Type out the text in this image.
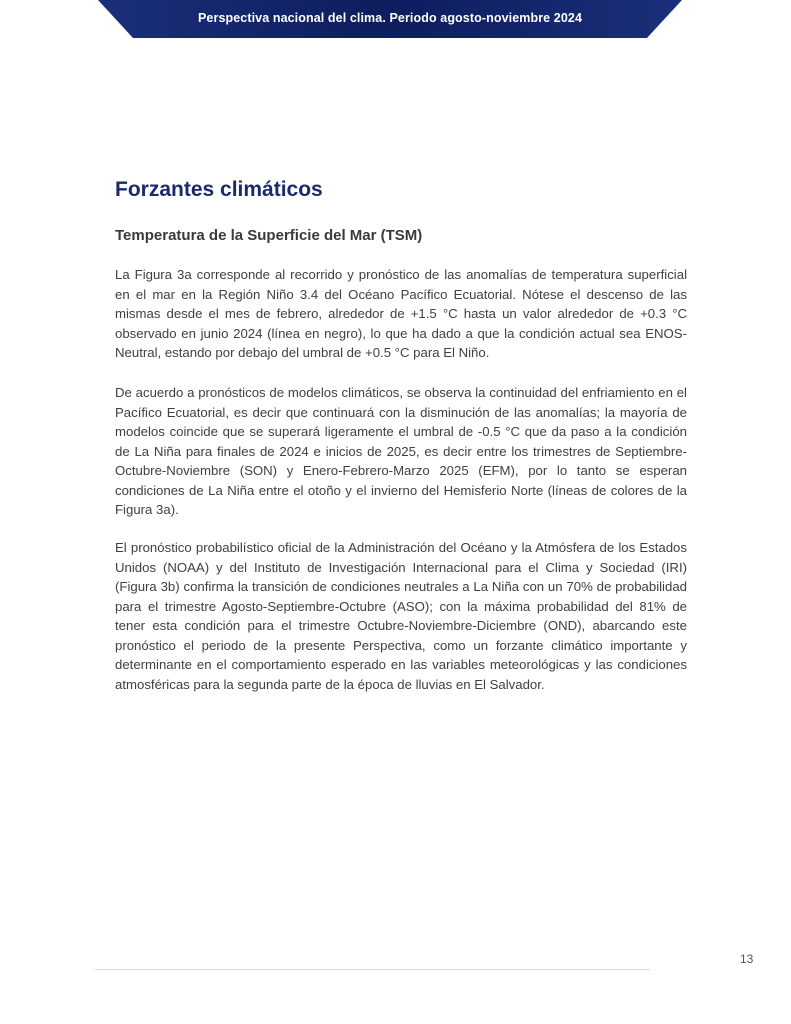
Perspectiva nacional del clima. Periodo agosto-noviembre 2024
Forzantes climáticos
Temperatura de la Superficie del Mar (TSM)

La Figura 3a corresponde al recorrido y pronóstico de las anomalías de temperatura superficial en el mar en la Región Niño 3.4 del Océano Pacífico Ecuatorial. Nótese el descenso de las mismas desde el mes de febrero, alrededor de +1.5 °C hasta un valor alrededor de +0.3 °C observado en junio 2024 (línea en negro), lo que ha dado a que la condición actual sea ENOS-Neutral, estando por debajo del umbral de +0.5 °C para El Niño.

De acuerdo a pronósticos de modelos climáticos, se observa la continuidad del enfriamiento en el Pacífico Ecuatorial, es decir que continuará con la disminución de las anomalías; la mayoría de modelos coincide que se superará ligeramente el umbral de -0.5 °C que da paso a la condición de La Niña para finales de 2024 e inicios de 2025, es decir entre los trimestres de Septiembre-Octubre-Noviembre (SON) y Enero-Febrero-Marzo 2025 (EFM), por lo tanto se esperan condiciones de La Niña entre el otoño y el invierno del Hemisferio Norte (líneas de colores de la Figura 3a).

El pronóstico probabilístico oficial de la Administración del Océano y la Atmósfera de los Estados Unidos (NOAA) y del Instituto de Investigación Internacional para el Clima y Sociedad (IRI) (Figura 3b) confirma la transición de condiciones neutrales a La Niña con un 70% de probabilidad para el trimestre Agosto-Septiembre-Octubre (ASO); con la máxima probabilidad del 81% de tener esta condición para el trimestre Octubre-Noviembre-Diciembre (OND), abarcando este pronóstico el periodo de la presente Perspectiva, como un forzante climático importante y determinante en el comportamiento esperado en las variables meteorológicas y las condiciones atmosféricas para la segunda parte de la época de lluvias en El Salvador.

13
